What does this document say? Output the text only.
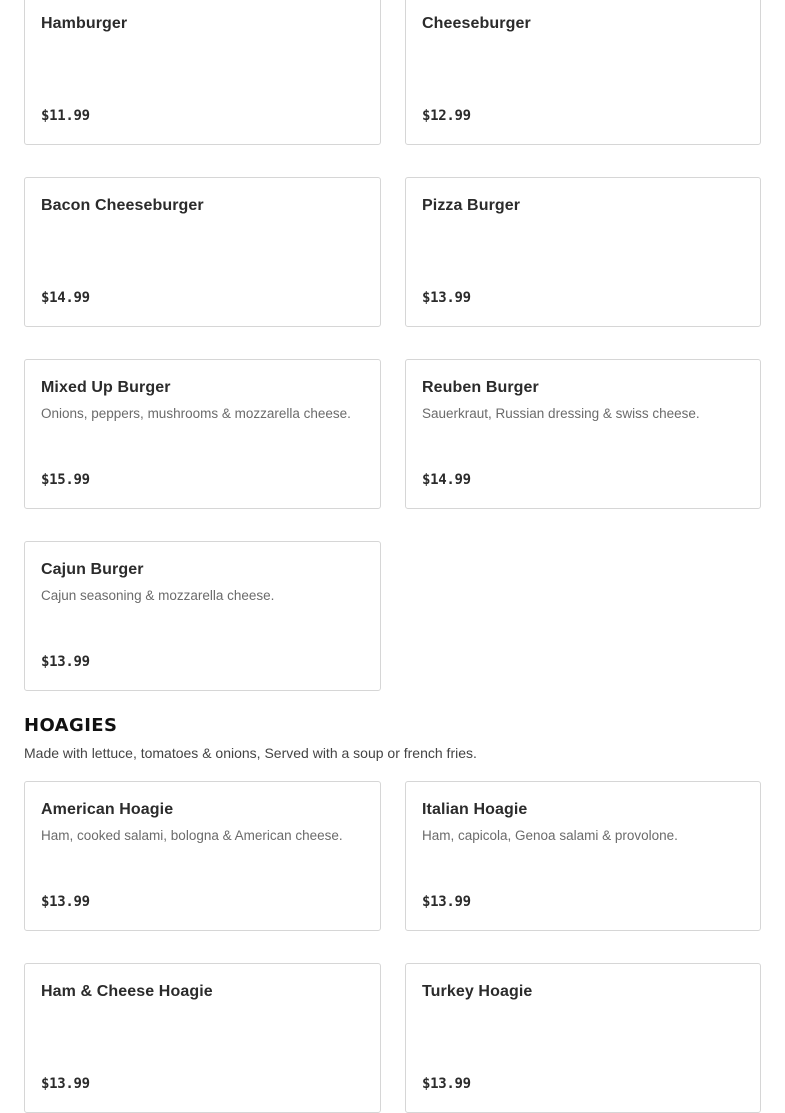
Hamburger
$11.99
Cheeseburger
$12.99
Bacon Cheeseburger
$14.99
Pizza Burger
$13.99
Mixed Up Burger
Onions, peppers, mushrooms & mozzarella cheese.
$15.99
Reuben Burger
Sauerkraut, Russian dressing & swiss cheese.
$14.99
Cajun Burger
Cajun seasoning & mozzarella cheese.
$13.99
HOAGIES

Made with lettuce, tomatoes & onions, Served with a soup or french fries.

American Hoagie
Ham, cooked salami, bologna & American cheese.
$13.99
Italian Hoagie
Ham, capicola, Genoa salami & provolone.
$13.99
Ham & Cheese Hoagie
$13.99
Turkey Hoagie
$13.99
